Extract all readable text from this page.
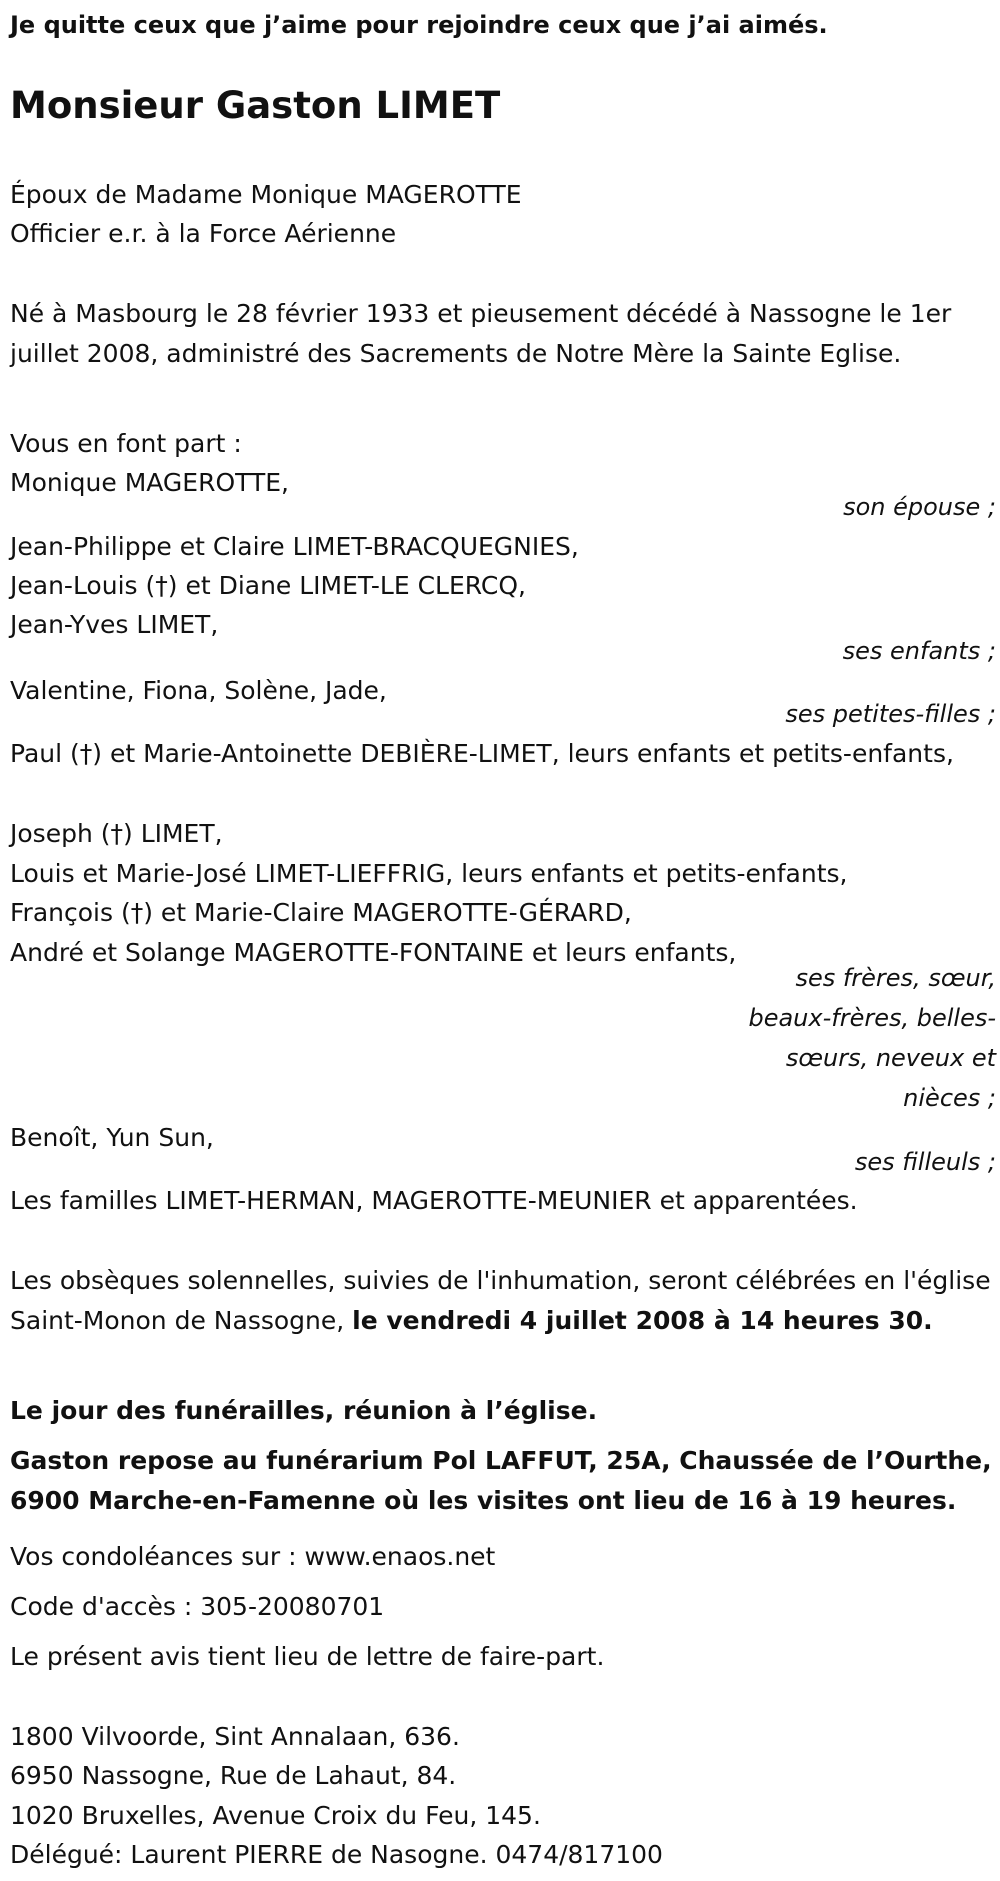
Je quitte ceux que j’aime pour rejoindre ceux que j’ai aimés.
Monsieur Gaston LIMET
Époux de Madame Monique MAGEROTTE
Officier e.r. à la Force Aérienne
Né à Masbourg le 28 février 1933 et pieusement décédé à Nassogne le 1er juillet 2008, administré des Sacrements de Notre Mère la Sainte Eglise.
Vous en font part :
Monique MAGEROTTE,
son épouse ;
Jean-Philippe et Claire LIMET-BRACQUEGNIES,
Jean-Louis (†) et Diane LIMET-LE CLERCQ,
Jean-Yves LIMET,
ses enfants ;
Valentine, Fiona, Solène, Jade,
ses petites-filles ;
Paul (†) et Marie-Antoinette DEBIÈRE-LIMET, leurs enfants et petits-enfants,
Joseph (†) LIMET,
Louis et Marie-José LIMET-LIEFFRIG, leurs enfants et petits-enfants,
François (†) et Marie-Claire MAGEROTTE-GÉRARD,
André et Solange MAGEROTTE-FONTAINE et leurs enfants,
ses frères, sœur, beaux-frères, belles-sœurs, neveux et nièces ;
Benoît, Yun Sun,
ses filleuls ;
Les familles LIMET-HERMAN, MAGEROTTE-MEUNIER et apparentées.
Les obsèques solennelles, suivies de l'inhumation, seront célébrées en l'église Saint-Monon de Nassogne, le vendredi 4 juillet 2008 à 14 heures 30.
Le jour des funérailles, réunion à l’église.
Gaston repose au funérarium Pol LAFFUT, 25A, Chaussée de l’Ourthe, 6900 Marche-en-Famenne où les visites ont lieu de 16 à 19 heures.
Vos condoléances sur : www.enaos.net
Code d'accès : 305-20080701
Le présent avis tient lieu de lettre de faire-part.
1800 Vilvoorde, Sint Annalaan, 636.
6950 Nassogne, Rue de Lahaut, 84.
1020 Bruxelles, Avenue Croix du Feu, 145.
Délégué: Laurent PIERRE de Nasogne. 0474/817100
